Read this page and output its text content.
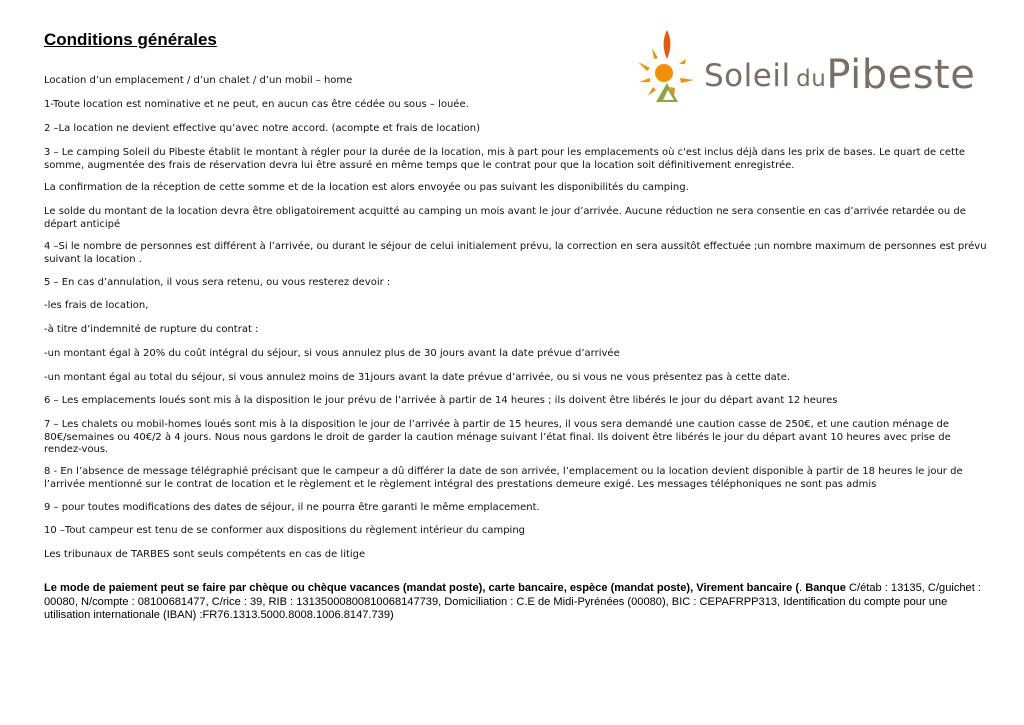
Conditions générales
Soleil duPibeste

Location d’un emplacement / d’un chalet / d’un mobil – home

1-Toute location est nominative et ne peut, en aucun cas être cédée ou sous – louée.

2 –La location ne devient effective qu’avec notre accord. (acompte et frais de location)

3 – Le camping Soleil du Pibeste établit le montant à régler pour la durée de la location, mis à part pour les emplacements où c'est inclus déjà dans les prix de bases. Le quart de cette somme, augmentée des frais de réservation devra lui être assuré en même temps que le contrat pour que la location soit définitivement enregistrée.

La confirmation de la réception de cette somme et de la location est alors envoyée ou pas suivant les disponibilités du camping.

Le solde du montant de la location devra être obligatoirement acquitté au camping un mois avant le jour d’arrivée. Aucune réduction ne sera consentie en cas d’arrivée retardée ou de départ anticipé

4 –Si le nombre de personnes est différent à l’arrivée, ou durant le séjour de celui initialement prévu, la correction en sera aussitôt effectuée ;un nombre maximum de personnes est prévu suivant la location .

5 – En cas d’annulation, il vous sera retenu, ou vous resterez devoir :

-les frais de location,

-à titre d’indemnité de rupture du contrat :

-un montant égal à 20% du coût intégral du séjour, si vous annulez plus de 30 jours avant la date prévue d’arrivée

-un montant égal au total du séjour, si vous annulez moins de 31jours avant la date prévue d’arrivée, ou si vous ne vous présentez pas à cette date.

6 – Les emplacements loués sont mis à la disposition le jour prévu de l’arrivée à partir de 14 heures ; ils doivent être libérés le jour du départ avant 12 heures

7 – Les chalets ou mobil-homes loués sont mis à la disposition le jour de l’arrivée à partir de 15 heures, il vous sera demandé une caution casse de 250€, et une caution ménage de 80€/semaines ou 40€/2 à 4 jours. Nous nous gardons le droit de garder la caution ménage suivant l’état final. Ils doivent être libérés le jour du départ avant 10 heures avec prise de rendez-vous.

8 - En l’absence de message télégraphié précisant que le campeur a dû différer la date de son arrivée, l’emplacement ou la location devient disponible à partir de 18 heures le jour de l’arrivée mentionné sur le contrat de location et le règlement et le règlement intégral des prestations demeure exigé. Les messages téléphoniques ne sont pas admis

9 – pour toutes modifications des dates de séjour, il ne pourra être garanti le même emplacement.

10 –Tout campeur est tenu de se conformer aux dispositions du règlement intérieur du camping

Les tribunaux de TARBES sont seuls compétents en cas de litige

Le mode de paiement peut se faire par chèque ou chèque vacances (mandat poste), carte bancaire, espèce (mandat poste), Virement bancaire (. Banque C/étab : 13135, C/guichet : 00080, N/compte : 08100681477, C/rice : 39, RIB : 13135000800810068147739, Domiciliation : C.E de Midi-Pyrénées (00080), BIC : CEPAFRPP313, Identification du compte pour une utilisation internationale (IBAN) :FR76.1313.5000.8008.1006.8147.739)
